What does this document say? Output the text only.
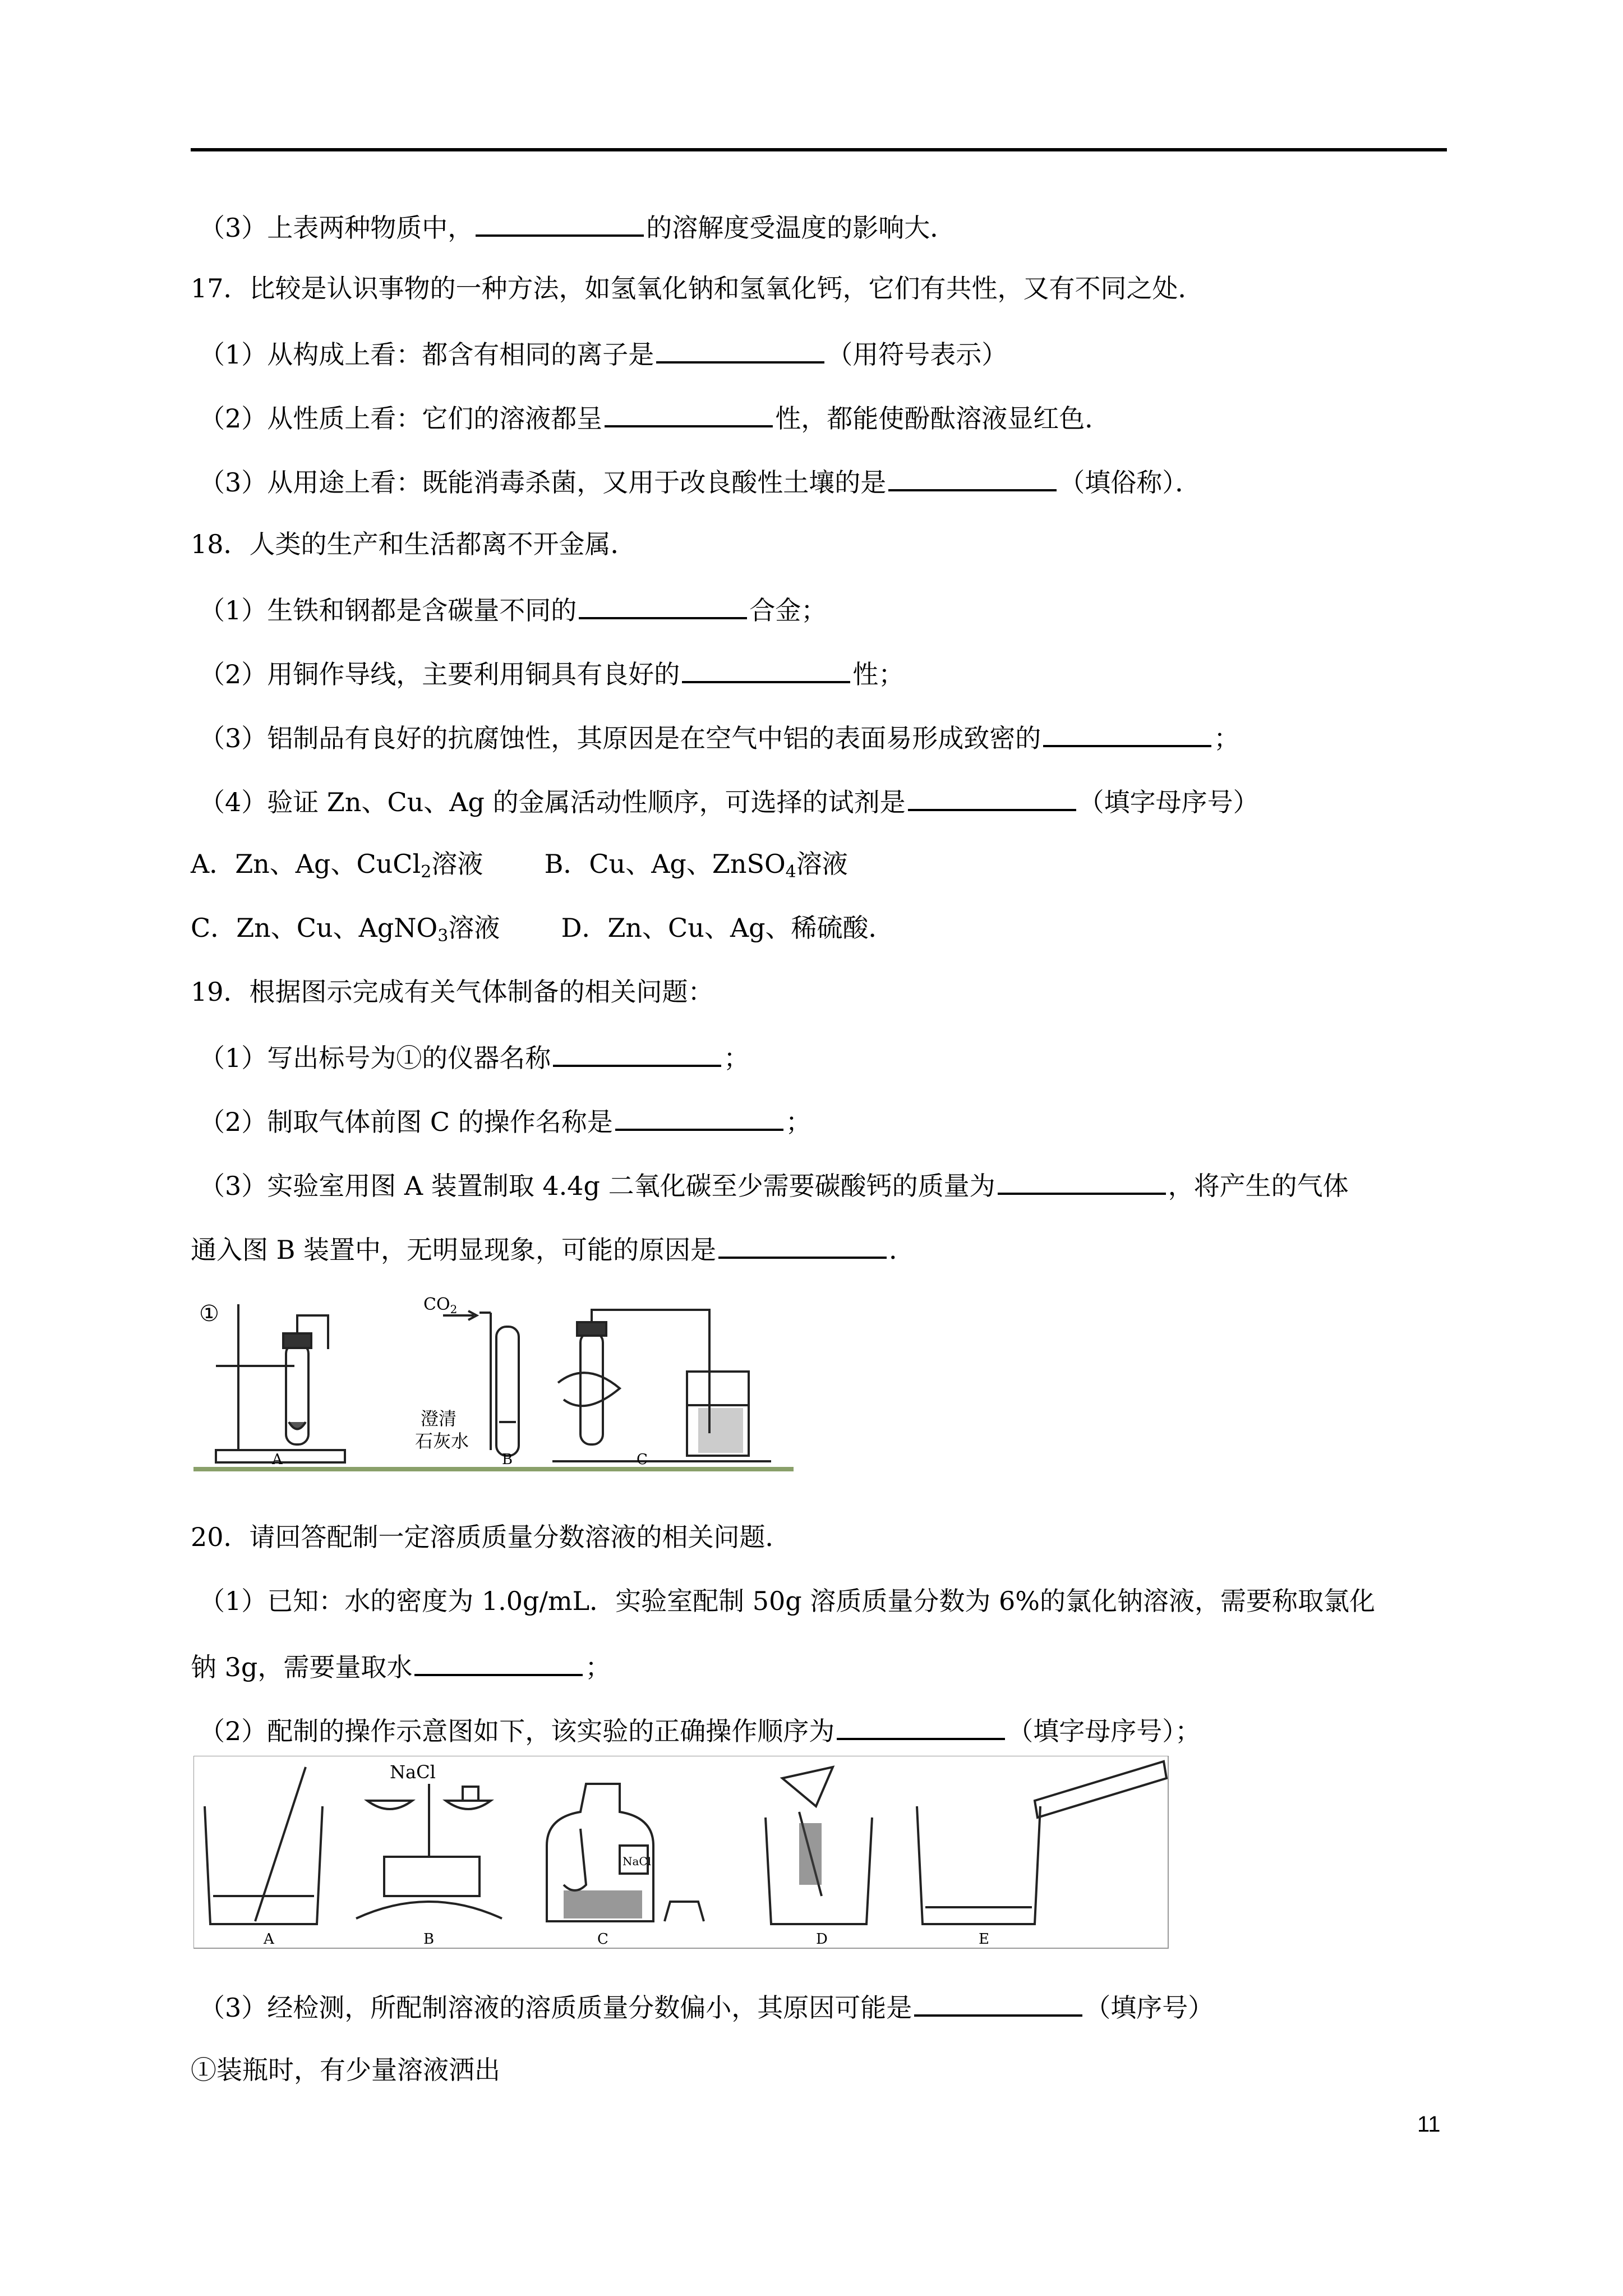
（3）上表两种物质中，	的溶解度受温度的影响大．
17．比较是认识事物的一种方法，如氢氧化钠和氢氧化钙，它们有共性，又有不同之处．
（1）从构成上看：都含有相同的离子是	（用符号表示）
（2）从性质上看：它们的溶液都呈	性，都能使酚酞溶液显红色．
（3）从用途上看：既能消毒杀菌，又用于改良酸性土壤的是	（填俗称）．
18．人类的生产和生活都离不开金属．
（1）生铁和钢都是含碳量不同的	合金；
（2）用铜作导线，主要利用铜具有良好的	性；
（3）铝制品有良好的抗腐蚀性，其原因是在空气中铝的表面易形成致密的	；
（4）验证 Zn、Cu、Ag 的金属活动性顺序，可选择的试剂是	（填字母序号）
A．Zn、Ag、CuCl$_2$溶液 B．Cu、Ag、ZnSO$_4$溶液
C．Zn、Cu、AgNO$_3$溶液 D．Zn、Cu、Ag、稀硫酸．
19．根据图示完成有关气体制备的相关问题：
（1）写出标号为①的仪器名称	；
（2）制取气体前图 C 的操作名称是	；
（3）实验室用图 A 装置制取 4.4g 二氧化碳至少需要碳酸钙的质量为	，将产生的气体
通入图 B 装置中，无明显现象，可能的原因是	．
①	$CO_2$
澄清
石灰水
A	B	C
20．请回答配制一定溶质质量分数溶液的相关问题．
（1）已知：水的密度为 1.0g/mL．实验室配制 50g 溶质质量分数为 6%的氯化钠溶液，需要称取氯化
钠 3g，需要量取水	；
（2）配制的操作示意图如下，该实验的正确操作顺序为	（填字母序号）；
NaCl
NaCl
A	B	C	D	E
（3）经检测，所配制溶液的溶质质量分数偏小，其原因可能是	（填序号）
①装瓶时，有少量溶液洒出
11
